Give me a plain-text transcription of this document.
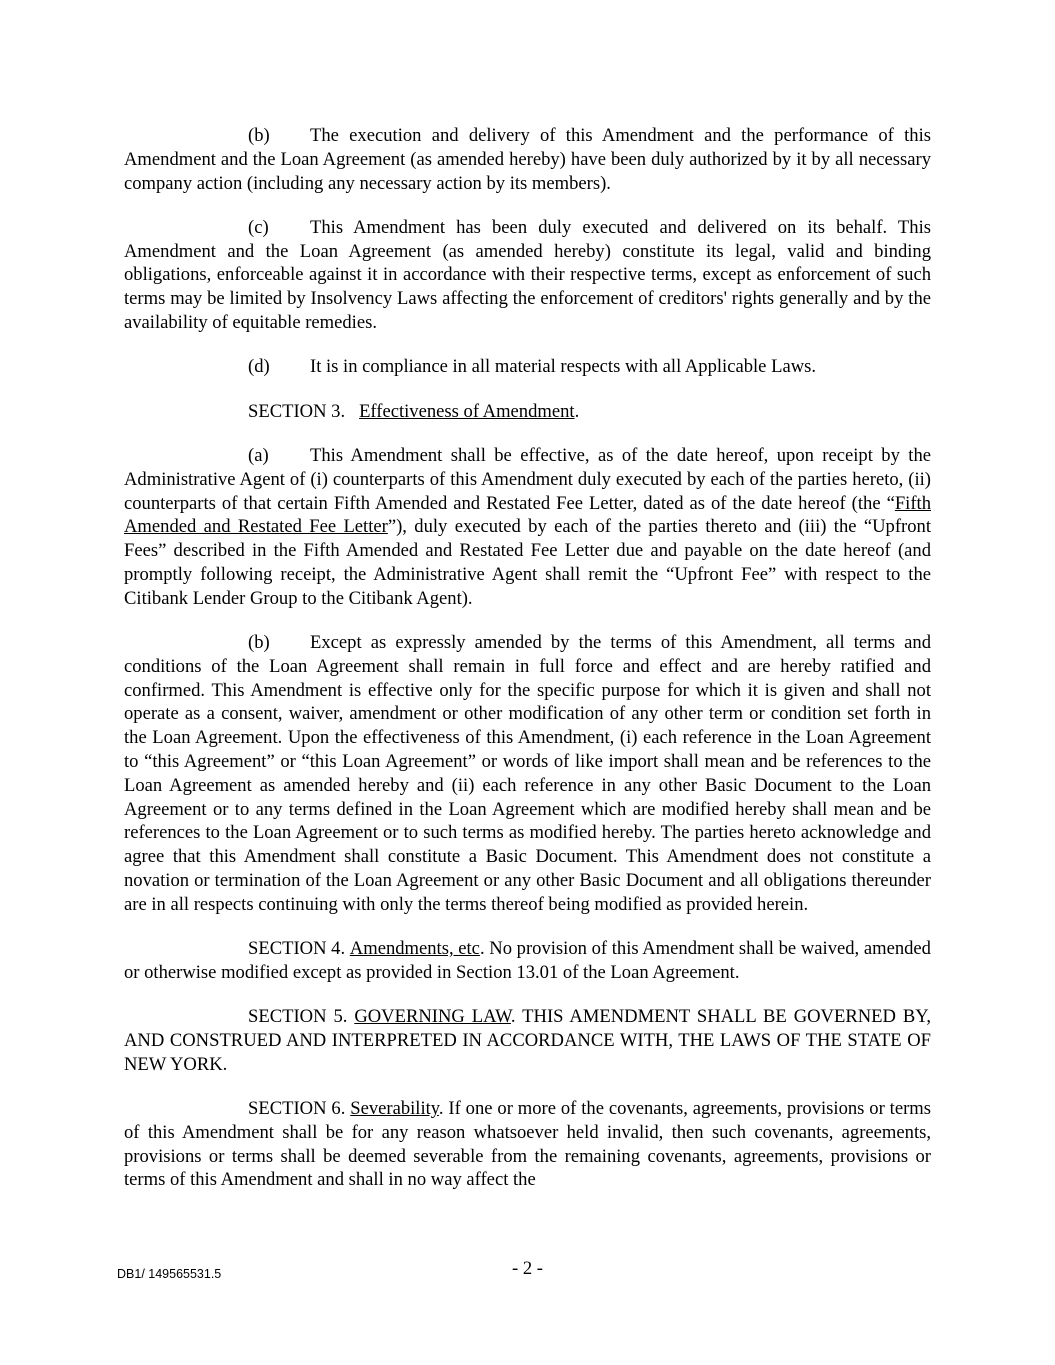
(b) The execution and delivery of this Amendment and the performance of this Amendment and the Loan Agreement (as amended hereby) have been duly authorized by it by all necessary company action (including any necessary action by its members).

(c) This Amendment has been duly executed and delivered on its behalf. This Amendment and the Loan Agreement (as amended hereby) constitute its legal, valid and binding obligations, enforceable against it in accordance with their respective terms, except as enforcement of such terms may be limited by Insolvency Laws affecting the enforcement of creditors' rights generally and by the availability of equitable remedies.

(d) It is in compliance in all material respects with all Applicable Laws.

SECTION 3. Effectiveness of Amendment.

(a) This Amendment shall be effective, as of the date hereof, upon receipt by the Administrative Agent of (i) counterparts of this Amendment duly executed by each of the parties hereto, (ii) counterparts of that certain Fifth Amended and Restated Fee Letter, dated as of the date hereof (the “Fifth Amended and Restated Fee Letter”), duly executed by each of the parties thereto and (iii) the “Upfront Fees” described in the Fifth Amended and Restated Fee Letter due and payable on the date hereof (and promptly following receipt, the Administrative Agent shall remit the “Upfront Fee” with respect to the Citibank Lender Group to the Citibank Agent).

(b) Except as expressly amended by the terms of this Amendment, all terms and conditions of the Loan Agreement shall remain in full force and effect and are hereby ratified and confirmed. This Amendment is effective only for the specific purpose for which it is given and shall not operate as a consent, waiver, amendment or other modification of any other term or condition set forth in the Loan Agreement. Upon the effectiveness of this Amendment, (i) each reference in the Loan Agreement to “this Agreement” or “this Loan Agreement” or words of like import shall mean and be references to the Loan Agreement as amended hereby and (ii) each reference in any other Basic Document to the Loan Agreement or to any terms defined in the Loan Agreement which are modified hereby shall mean and be references to the Loan Agreement or to such terms as modified hereby. The parties hereto acknowledge and agree that this Amendment shall constitute a Basic Document. This Amendment does not constitute a novation or termination of the Loan Agreement or any other Basic Document and all obligations thereunder are in all respects continuing with only the terms thereof being modified as provided herein.

SECTION 4. Amendments, etc. No provision of this Amendment shall be waived, amended or otherwise modified except as provided in Section 13.01 of the Loan Agreement.

SECTION 5. GOVERNING LAW. THIS AMENDMENT SHALL BE GOVERNED BY, AND CONSTRUED AND INTERPRETED IN ACCORDANCE WITH, THE LAWS OF THE STATE OF NEW YORK.

SECTION 6. Severability. If one or more of the covenants, agreements, provisions or terms of this Amendment shall be for any reason whatsoever held invalid, then such covenants, agreements, provisions or terms shall be deemed severable from the remaining covenants, agreements, provisions or terms of this Amendment and shall in no way affect the

DB1/ 149565531.5	- 2 -
